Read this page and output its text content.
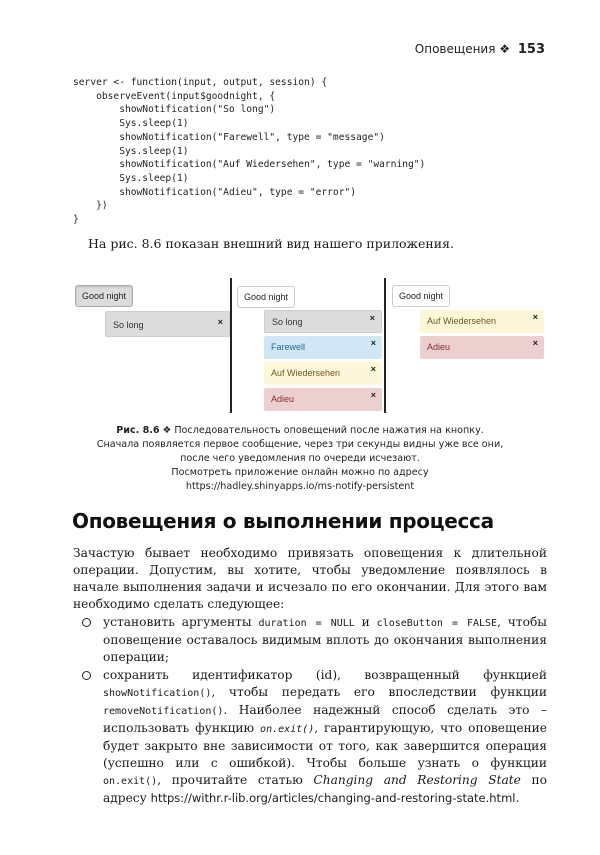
Оповещения ❖ 153
server <- function(input, output, session) {
observeEvent(input$goodnight, {
showNotification("So long")
Sys.sleep(1)
showNotification("Farewell", type = "message")
Sys.sleep(1)
showNotification("Auf Wiedersehen", type = "warning")
Sys.sleep(1)
showNotification("Adieu", type = "error")
})
}
На рис. 8.6 показан внешний вид нашего приложения.
Good night
So long	×
Good night
So long	×
Farewell	×
Auf Wiedersehen	×
Adieu	×
Good night
Auf Wiedersehen	×
Adieu	×
Рис. 8.6 ❖ Последовательность оповещений после нажатия на кнопку.
Сначала появляется первое сообщение, через три секунды видны уже все они,
после чего уведомления по очереди исчезают.
Посмотреть приложение онлайн можно по адресу
https://hadley.shinyapps.io/ms-notify-persistent
Оповещения о выполнении процесса

Зачастую бывает необходимо привязать оповещения к длительной операции. Допустим, вы хотите, чтобы уведомление появлялось в начале выполнения задачи и исчезало по его окончании. Для этого вам необходимо сделать следующее:

установить аргументы duration = NULL и closeButton = FALSE, чтобы оповещение оставалось видимым вплоть до окончания выполнения операции;
сохранить идентификатор (id), возвращенный функцией showNotification(), чтобы передать его впоследствии функции removeNotification(). Наиболее надежный способ сделать это – использовать функцию on.exit(), гарантирующую, что оповещение будет закрыто вне зависимости от того, как завершится операция (успешно или с ошибкой). Чтобы больше узнать о функции on.exit(), прочитайте статью Changing and Restoring State по адресу https://withr.r-lib.org/articles/changing-and-restoring-state.html.
